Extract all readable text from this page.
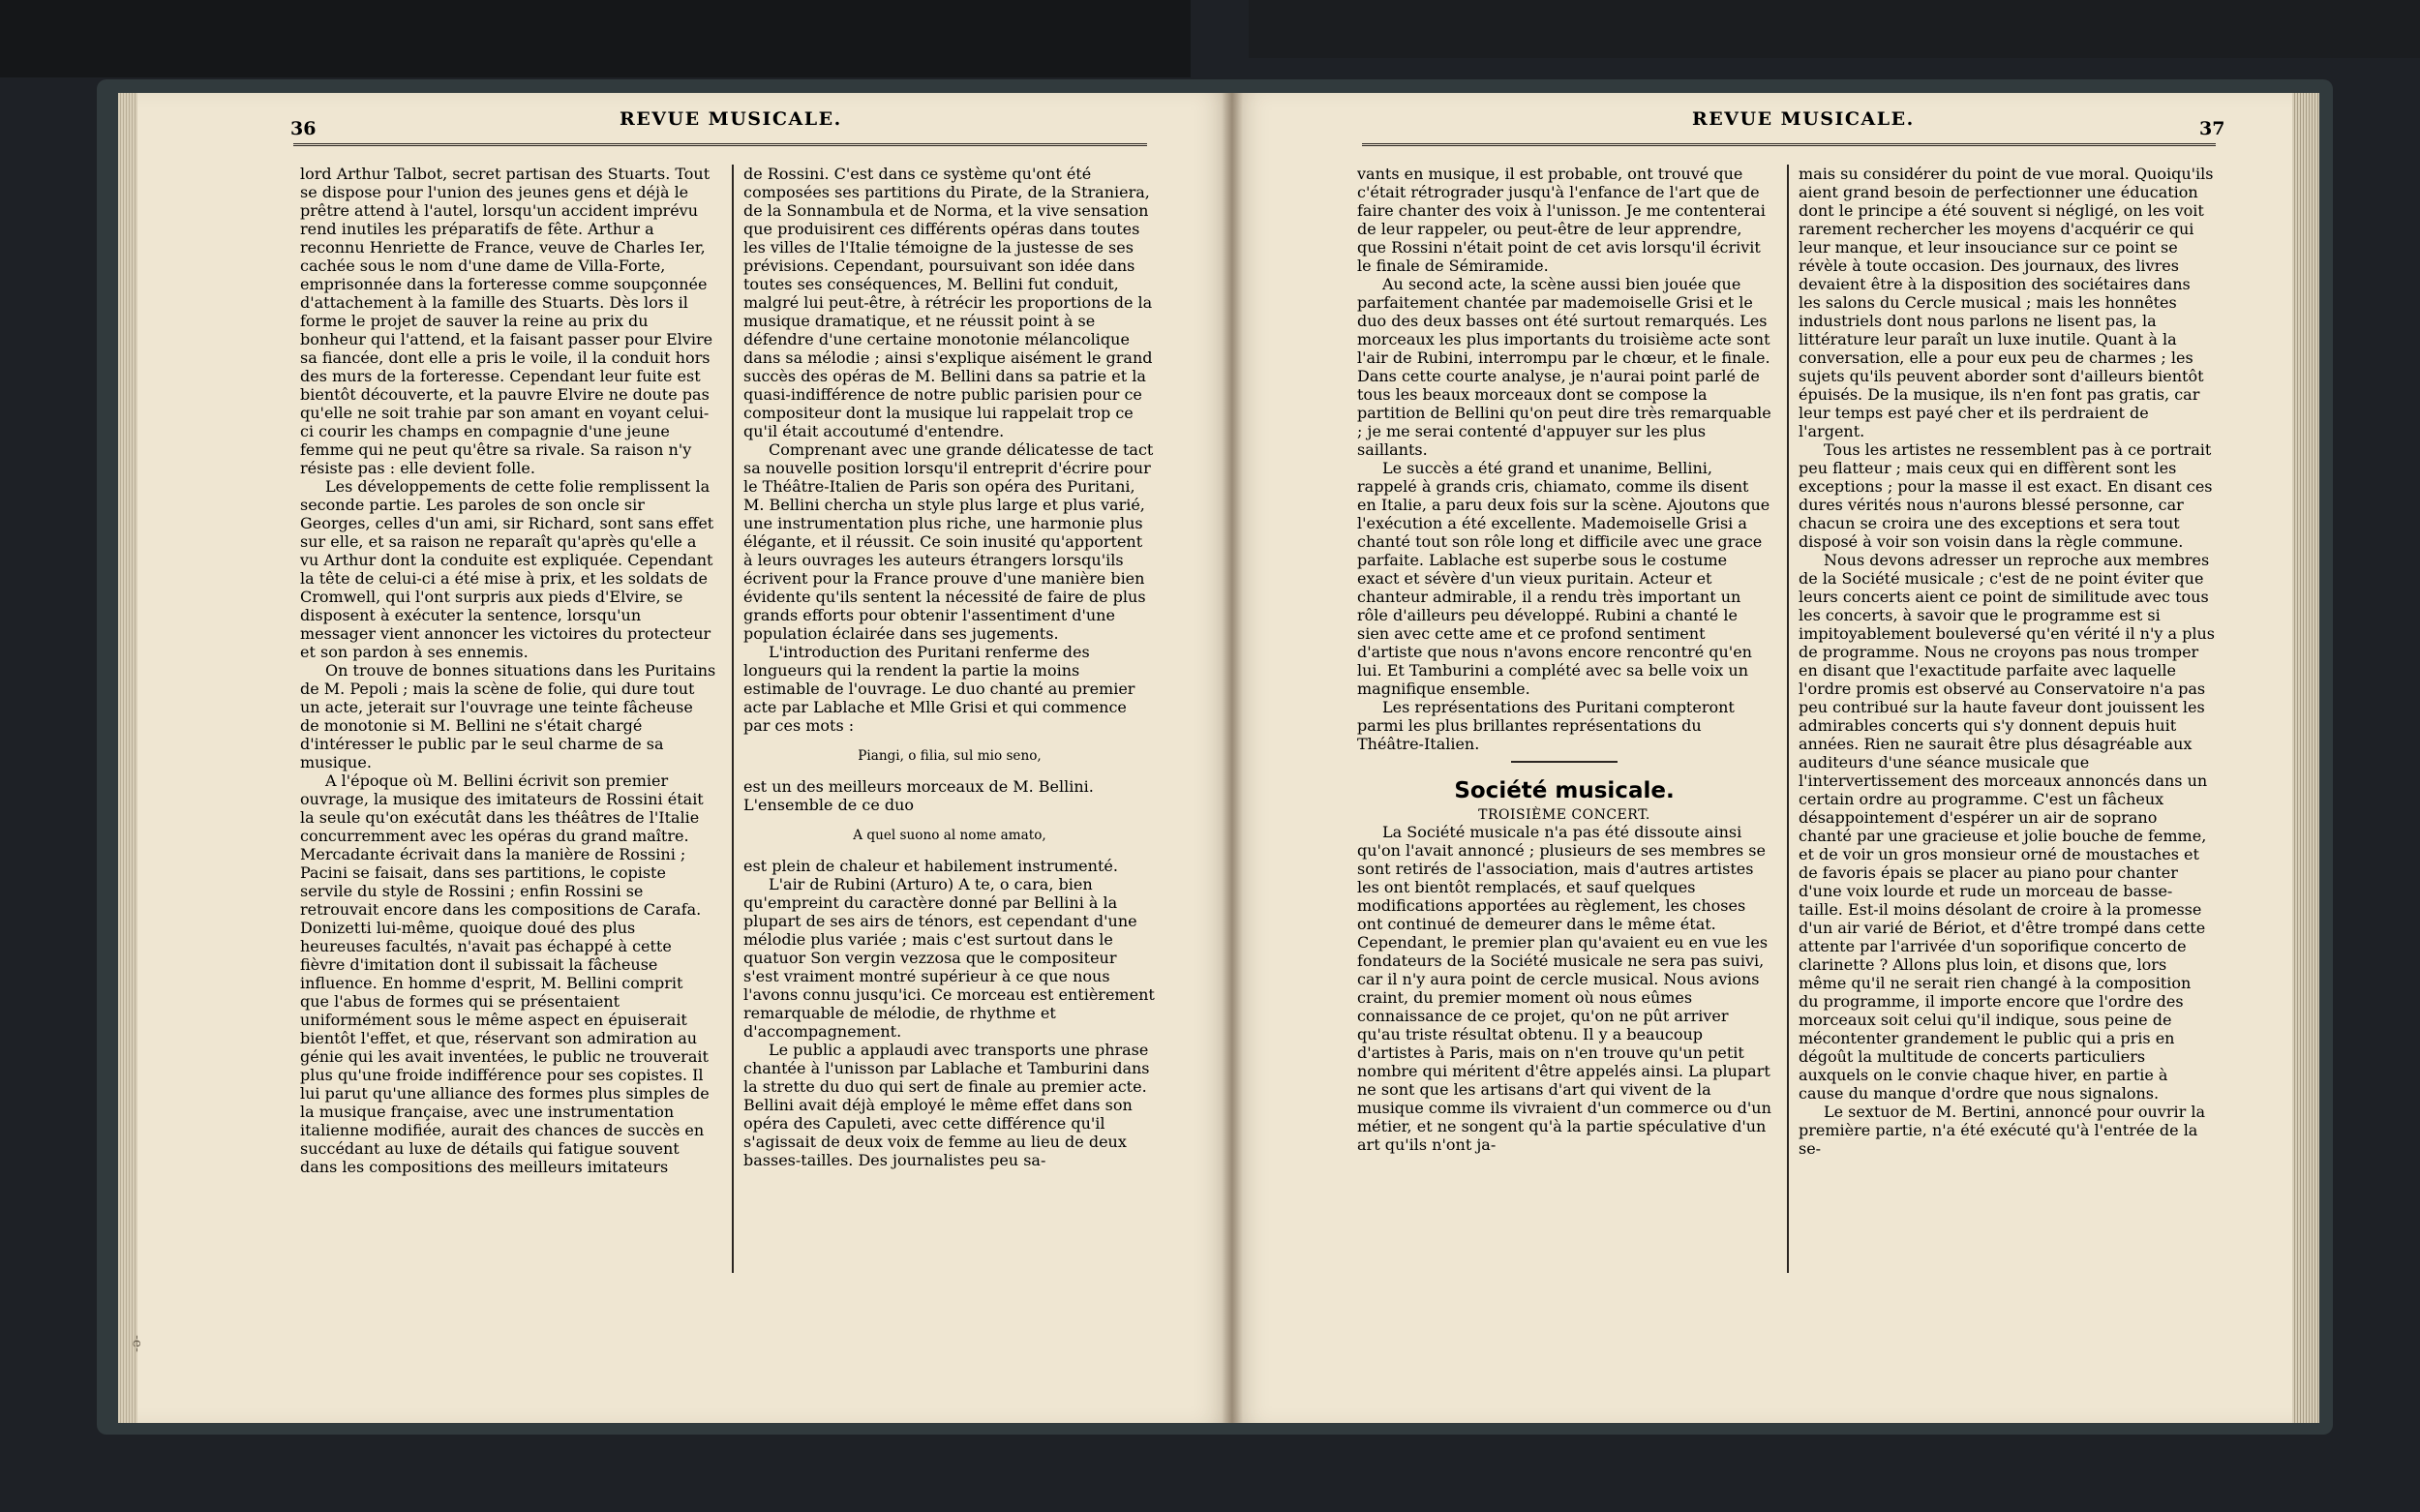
36	REVUE MUSICALE.
-ə-

lord Arthur Talbot, secret partisan des Stuarts. Tout se dispose pour l'union des jeunes gens et déjà le prêtre attend à l'autel, lorsqu'un accident imprévu rend inutiles les préparatifs de fête. Arthur a reconnu Henriette de France, veuve de Charles Ier, cachée sous le nom d'une dame de Villa-Forte, emprisonnée dans la forteresse comme soupçonnée d'attachement à la famille des Stuarts. Dès lors il forme le projet de sauver la reine au prix du bonheur qui l'attend, et la faisant passer pour Elvire sa fiancée, dont elle a pris le voile, il la conduit hors des murs de la forteresse. Cependant leur fuite est bientôt découverte, et la pauvre Elvire ne doute pas qu'elle ne soit trahie par son amant en voyant celui-ci courir les champs en compagnie d'une jeune femme qui ne peut qu'être sa rivale. Sa raison n'y résiste pas : elle devient folle.

Les développements de cette folie remplissent la seconde partie. Les paroles de son oncle sir Georges, celles d'un ami, sir Richard, sont sans effet sur elle, et sa raison ne reparaît qu'après qu'elle a vu Arthur dont la conduite est expliquée. Cependant la tête de celui-ci a été mise à prix, et les soldats de Cromwell, qui l'ont surpris aux pieds d'Elvire, se disposent à exécuter la sentence, lorsqu'un messager vient annoncer les victoires du protecteur et son pardon à ses ennemis.

On trouve de bonnes situations dans les Puritains de M. Pepoli ; mais la scène de folie, qui dure tout un acte, jeterait sur l'ouvrage une teinte fâcheuse de monotonie si M. Bellini ne s'était chargé d'intéresser le public par le seul charme de sa musique.

A l'époque où M. Bellini écrivit son premier ouvrage, la musique des imitateurs de Rossini était la seule qu'on exécutât dans les théâtres de l'Italie concurremment avec les opéras du grand maître. Mercadante écrivait dans la manière de Rossini ; Pacini se faisait, dans ses partitions, le copiste servile du style de Rossini ; enfin Rossini se retrouvait encore dans les compositions de Carafa. Donizetti lui-même, quoique doué des plus heureuses facultés, n'avait pas échappé à cette fièvre d'imitation dont il subissait la fâcheuse influence. En homme d'esprit, M. Bellini comprit que l'abus de formes qui se présentaient uniformément sous le même aspect en épuiserait bientôt l'effet, et que, réservant son admiration au génie qui les avait inventées, le public ne trouverait plus qu'une froide indifférence pour ses copistes. Il lui parut qu'une alliance des formes plus simples de la musique française, avec une instrumentation italienne modifiée, aurait des chances de succès en succédant au luxe de détails qui fatigue souvent dans les compositions des meilleurs imitateurs

de Rossini. C'est dans ce système qu'ont été composées ses partitions du Pirate, de la Straniera, de la Sonnambula et de Norma, et la vive sensation que produisirent ces différents opéras dans toutes les villes de l'Italie témoigne de la justesse de ses prévisions. Cependant, poursuivant son idée dans toutes ses conséquences, M. Bellini fut conduit, malgré lui peut-être, à rétrécir les proportions de la musique dramatique, et ne réussit point à se défendre d'une certaine monotonie mélancolique dans sa mélodie ; ainsi s'explique aisément le grand succès des opéras de M. Bellini dans sa patrie et la quasi-indifférence de notre public parisien pour ce compositeur dont la musique lui rappelait trop ce qu'il était accoutumé d'entendre.

Comprenant avec une grande délicatesse de tact sa nouvelle position lorsqu'il entreprit d'écrire pour le Théâtre-Italien de Paris son opéra des Puritani, M. Bellini chercha un style plus large et plus varié, une instrumentation plus riche, une harmonie plus élégante, et il réussit. Ce soin inusité qu'apportent à leurs ouvrages les auteurs étrangers lorsqu'ils écrivent pour la France prouve d'une manière bien évidente qu'ils sentent la nécessité de faire de plus grands efforts pour obtenir l'assentiment d'une population éclairée dans ses jugements.

L'introduction des Puritani renferme des longueurs qui la rendent la partie la moins estimable de l'ouvrage. Le duo chanté au premier acte par Lablache et Mlle Grisi et qui commence par ces mots :

Piangi, o filia, sul mio seno,

est un des meilleurs morceaux de M. Bellini. L'ensemble de ce duo

A quel suono al nome amato,

est plein de chaleur et habilement instrumenté.

L'air de Rubini (Arturo) A te, o cara, bien qu'empreint du caractère donné par Bellini à la plupart de ses airs de ténors, est cependant d'une mélodie plus variée ; mais c'est surtout dans le quatuor Son vergin vezzosa que le compositeur s'est vraiment montré supérieur à ce que nous l'avons connu jusqu'ici. Ce morceau est entièrement remarquable de mélodie, de rhythme et d'accompagnement.

Le public a applaudi avec transports une phrase chantée à l'unisson par Lablache et Tamburini dans la strette du duo qui sert de finale au premier acte. Bellini avait déjà employé le même effet dans son opéra des Capuleti, avec cette différence qu'il s'agissait de deux voix de femme au lieu de deux basses-tailles. Des journalistes peu sa-

REVUE MUSICALE.	37

vants en musique, il est probable, ont trouvé que c'était rétrograder jusqu'à l'enfance de l'art que de faire chanter des voix à l'unisson. Je me contenterai de leur rappeler, ou peut-être de leur apprendre, que Rossini n'était point de cet avis lorsqu'il écrivit le finale de Sémiramide.

Au second acte, la scène aussi bien jouée que parfaitement chantée par mademoiselle Grisi et le duo des deux basses ont été surtout remarqués. Les morceaux les plus importants du troisième acte sont l'air de Rubini, interrompu par le chœur, et le finale. Dans cette courte analyse, je n'aurai point parlé de tous les beaux morceaux dont se compose la partition de Bellini qu'on peut dire très remarquable ; je me serai contenté d'appuyer sur les plus saillants.

Le succès a été grand et unanime, Bellini, rappelé à grands cris, chiamato, comme ils disent en Italie, a paru deux fois sur la scène. Ajoutons que l'exécution a été excellente. Mademoiselle Grisi a chanté tout son rôle long et difficile avec une grace parfaite. Lablache est superbe sous le costume exact et sévère d'un vieux puritain. Acteur et chanteur admirable, il a rendu très important un rôle d'ailleurs peu développé. Rubini a chanté le sien avec cette ame et ce profond sentiment d'artiste que nous n'avons encore rencontré qu'en lui. Et Tamburini a complété avec sa belle voix un magnifique ensemble.

Les représentations des Puritani compteront parmi les plus brillantes représentations du Théâtre-Italien.

Société musicale.

TROISIÈME CONCERT.

La Société musicale n'a pas été dissoute ainsi qu'on l'avait annoncé ; plusieurs de ses membres se sont retirés de l'association, mais d'autres artistes les ont bientôt remplacés, et sauf quelques modifications apportées au règlement, les choses ont continué de demeurer dans le même état. Cependant, le premier plan qu'avaient eu en vue les fondateurs de la Société musicale ne sera pas suivi, car il n'y aura point de cercle musical. Nous avions craint, du premier moment où nous eûmes connaissance de ce projet, qu'on ne pût arriver qu'au triste résultat obtenu. Il y a beaucoup d'artistes à Paris, mais on n'en trouve qu'un petit nombre qui méritent d'être appelés ainsi. La plupart ne sont que les artisans d'art qui vivent de la musique comme ils vivraient d'un commerce ou d'un métier, et ne songent qu'à la partie spéculative d'un art qu'ils n'ont ja-

mais su considérer du point de vue moral. Quoiqu'ils aient grand besoin de perfectionner une éducation dont le principe a été souvent si négligé, on les voit rarement rechercher les moyens d'acquérir ce qui leur manque, et leur insouciance sur ce point se révèle à toute occasion. Des journaux, des livres devaient être à la disposition des sociétaires dans les salons du Cercle musical ; mais les honnêtes industriels dont nous parlons ne lisent pas, la littérature leur paraît un luxe inutile. Quant à la conversation, elle a pour eux peu de charmes ; les sujets qu'ils peuvent aborder sont d'ailleurs bientôt épuisés. De la musique, ils n'en font pas gratis, car leur temps est payé cher et ils perdraient de l'argent.

Tous les artistes ne ressemblent pas à ce portrait peu flatteur ; mais ceux qui en diffèrent sont les exceptions ; pour la masse il est exact. En disant ces dures vérités nous n'aurons blessé personne, car chacun se croira une des exceptions et sera tout disposé à voir son voisin dans la règle commune.

Nous devons adresser un reproche aux membres de la Société musicale ; c'est de ne point éviter que leurs concerts aient ce point de similitude avec tous les concerts, à savoir que le programme est si impitoyablement bouleversé qu'en vérité il n'y a plus de programme. Nous ne croyons pas nous tromper en disant que l'exactitude parfaite avec laquelle l'ordre promis est observé au Conservatoire n'a pas peu contribué sur la haute faveur dont jouissent les admirables concerts qui s'y donnent depuis huit années. Rien ne saurait être plus désagréable aux auditeurs d'une séance musicale que l'intervertissement des morceaux annoncés dans un certain ordre au programme. C'est un fâcheux désappointement d'espérer un air de soprano chanté par une gracieuse et jolie bouche de femme, et de voir un gros monsieur orné de moustaches et de favoris épais se placer au piano pour chanter d'une voix lourde et rude un morceau de basse-taille. Est-il moins désolant de croire à la promesse d'un air varié de Bériot, et d'être trompé dans cette attente par l'arrivée d'un soporifique concerto de clarinette ? Allons plus loin, et disons que, lors même qu'il ne serait rien changé à la composition du programme, il importe encore que l'ordre des morceaux soit celui qu'il indique, sous peine de mécontenter grandement le public qui a pris en dégoût la multitude de concerts particuliers auxquels on le convie chaque hiver, en partie à cause du manque d'ordre que nous signalons.

Le sextuor de M. Bertini, annoncé pour ouvrir la première partie, n'a été exécuté qu'à l'entrée de la se-
